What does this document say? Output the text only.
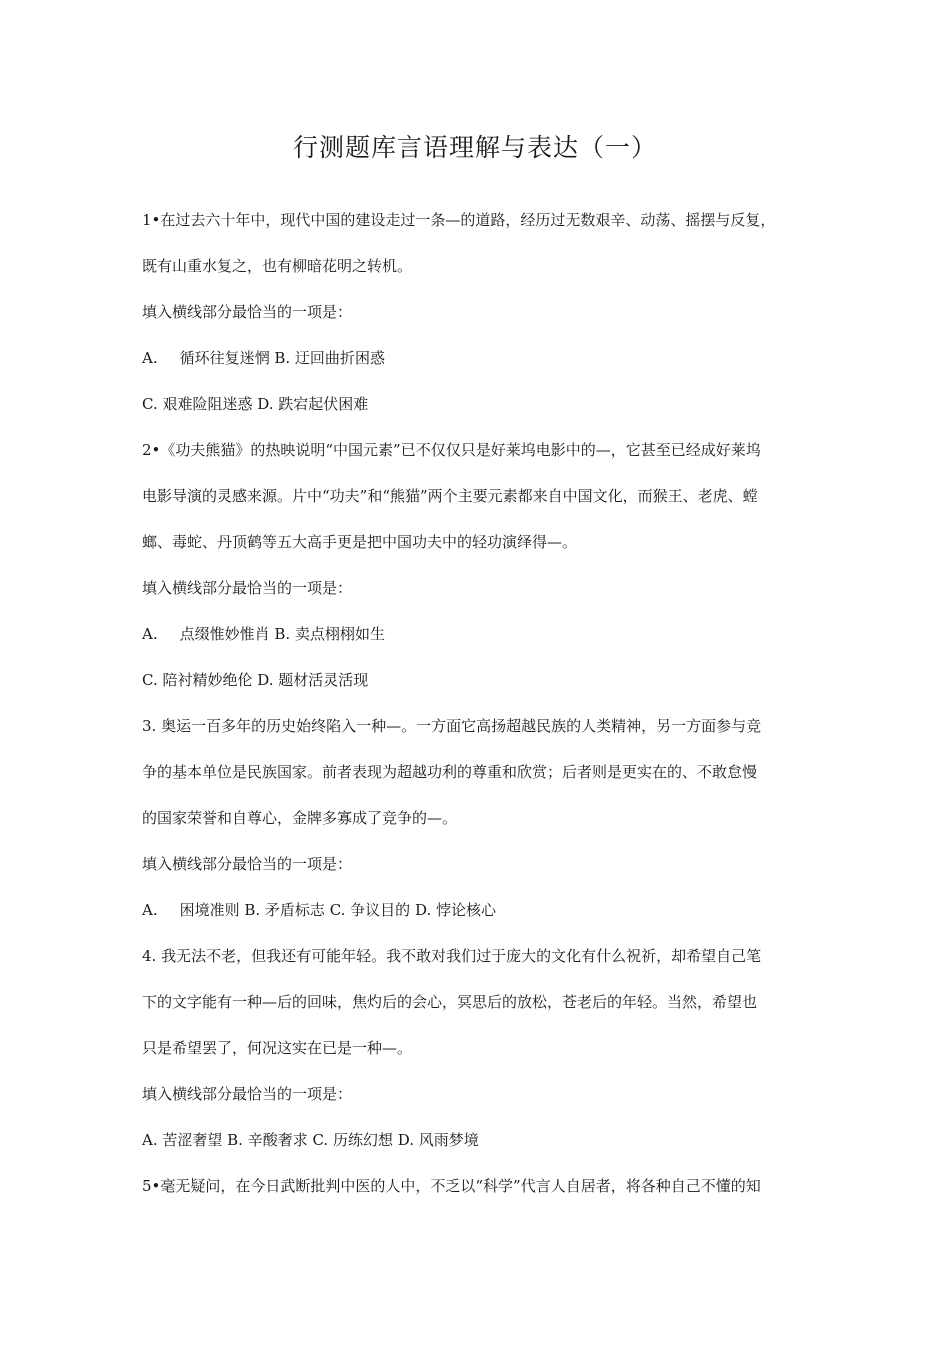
行测题库言语理解与表达（一）
1•在过去六十年中，现代中国的建设走过一条—的道路，经历过无数艰辛、动荡、摇摆与反复，
既有山重水复之，也有柳暗花明之转机。
填入横线部分最恰当的一项是：
A. 循环往复迷惘 B. 迂回曲折困惑
C. 艰难险阻迷惑 D. 跌宕起伏困难
2•《功夫熊猫》的热映说明“中国元素”已不仅仅只是好莱坞电影中的—，它甚至已经成好莱坞
电影导演的灵感来源。片中“功夫”和“熊猫”两个主要元素都来自中国文化，而猴王、老虎、螳
螂、毒蛇、丹顶鹤等五大高手更是把中国功夫中的轻功演绎得—。
填入横线部分最恰当的一项是：
A. 点缀惟妙惟肖 B. 卖点栩栩如生
C. 陪衬精妙绝伦 D. 题材活灵活现
3. 奥运一百多年的历史始终陷入一种—。一方面它高扬超越民族的人类精神，另一方面参与竞
争的基本单位是民族国家。前者表现为超越功利的尊重和欣赏；后者则是更实在的、不敢怠慢
的国家荣誉和自尊心，金牌多寡成了竞争的—。
填入横线部分最恰当的一项是：
A. 困境准则 B. 矛盾标志 C. 争议目的 D. 悖论核心
4. 我无法不老，但我还有可能年轻。我不敢对我们过于庞大的文化有什么祝祈，却希望自己笔
下的文字能有一种—后的回味，焦灼后的会心，冥思后的放松，苍老后的年轻。当然，希望也
只是希望罢了，何况这实在已是一种—。
填入横线部分最恰当的一项是：
A. 苦涩奢望 B. 辛酸奢求 C. 历练幻想 D. 风雨梦境
5•毫无疑问，在今日武断批判中医的人中，不乏以“科学”代言人自居者，将各种自己不懂的知
